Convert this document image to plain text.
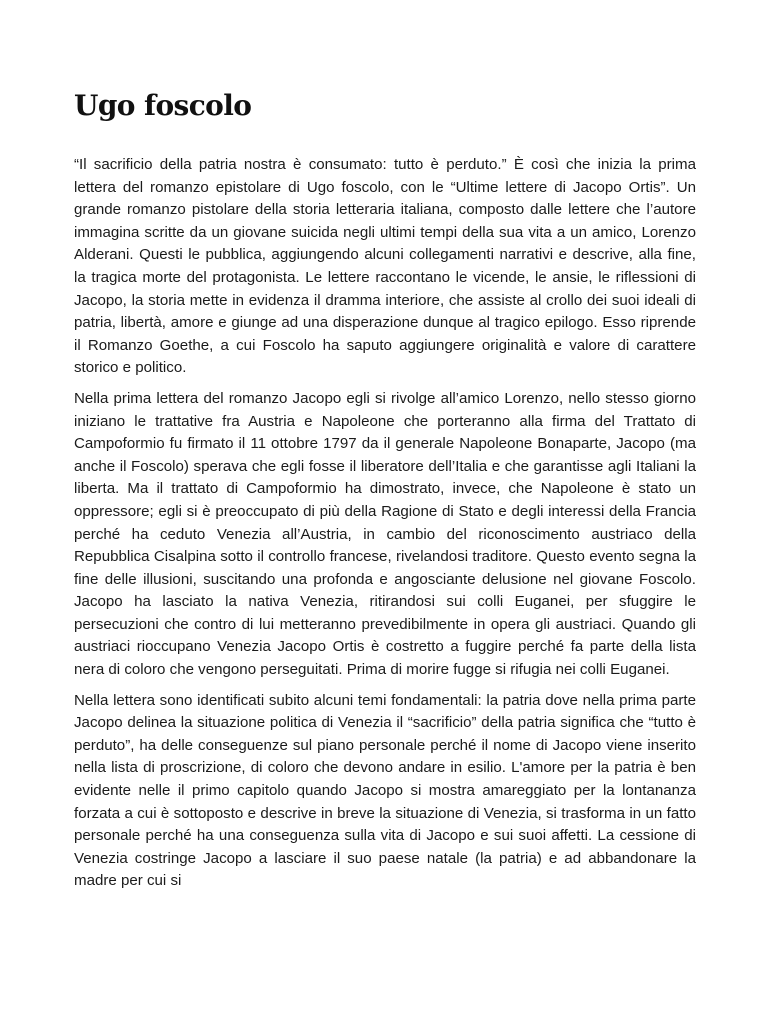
Ugo foscolo

“Il sacrificio della patria nostra è consumato: tutto è perduto.” È così che inizia la prima lettera del romanzo epistolare di Ugo foscolo, con le “Ultime lettere di Jacopo Ortis”. Un grande romanzo pistolare della storia letteraria italiana, composto dalle lettere che l’autore immagina scritte da un giovane suicida negli ultimi tempi della sua vita a un amico, Lorenzo Alderani. Questi le pubblica, aggiungendo alcuni collegamenti narrativi e descrive, alla fine, la tragica morte del protagonista. Le lettere raccontano le vicende, le ansie, le riflessioni di Jacopo, la storia mette in evidenza il dramma interiore, che assiste al crollo dei suoi ideali di patria, libertà, amore e giunge ad una disperazione dunque al tragico epilogo. Esso riprende il Romanzo Goethe, a cui Foscolo ha saputo aggiungere originalità e valore di carattere storico e politico.

Nella prima lettera del romanzo Jacopo egli si rivolge all’amico Lorenzo, nello stesso giorno iniziano le trattative fra Austria e Napoleone che porteranno alla firma del Trattato di Campoformio fu firmato il 11 ottobre 1797 da il generale Napoleone Bonaparte, Jacopo (ma anche il Foscolo) sperava che egli fosse il liberatore dell’Italia e che garantisse agli Italiani la liberta. Ma il trattato di Campoformio ha dimostrato, invece, che Napoleone è stato un oppressore; egli si è preoccupato di più della Ragione di Stato e degli interessi della Francia perché ha ceduto Venezia all’Austria, in cambio del riconoscimento austriaco della Repubblica Cisalpina sotto il controllo francese, rivelandosi traditore. Questo evento segna la fine delle illusioni, suscitando una profonda e angosciante delusione nel giovane Foscolo. Jacopo ha lasciato la nativa Venezia, ritirandosi sui colli Euganei, per sfuggire le persecuzioni che contro di lui metteranno prevedibilmente in opera gli austriaci. Quando gli austriaci rioccupano Venezia Jacopo Ortis è costretto a fuggire perché fa parte della lista nera di coloro che vengono perseguitati. Prima di morire fugge si rifugia nei colli Euganei.

Nella lettera sono identificati subito alcuni temi fondamentali: la patria dove nella prima parte Jacopo delinea la situazione politica di Venezia il “sacrificio” della patria significa che “tutto è perduto”, ha delle conseguenze sul piano personale perché il nome di Jacopo viene inserito nella lista di proscrizione, di coloro che devono andare in esilio. L'amore per la patria è ben evidente nelle il primo capitolo quando Jacopo si mostra amareggiato per la lontananza forzata a cui è sottoposto e descrive in breve la situazione di Venezia, si trasforma in un fatto personale perché ha una conseguenza sulla vita di Jacopo e sui suoi affetti. La cessione di Venezia costringe Jacopo a lasciare il suo paese natale (la patria) e ad abbandonare la madre per cui si
